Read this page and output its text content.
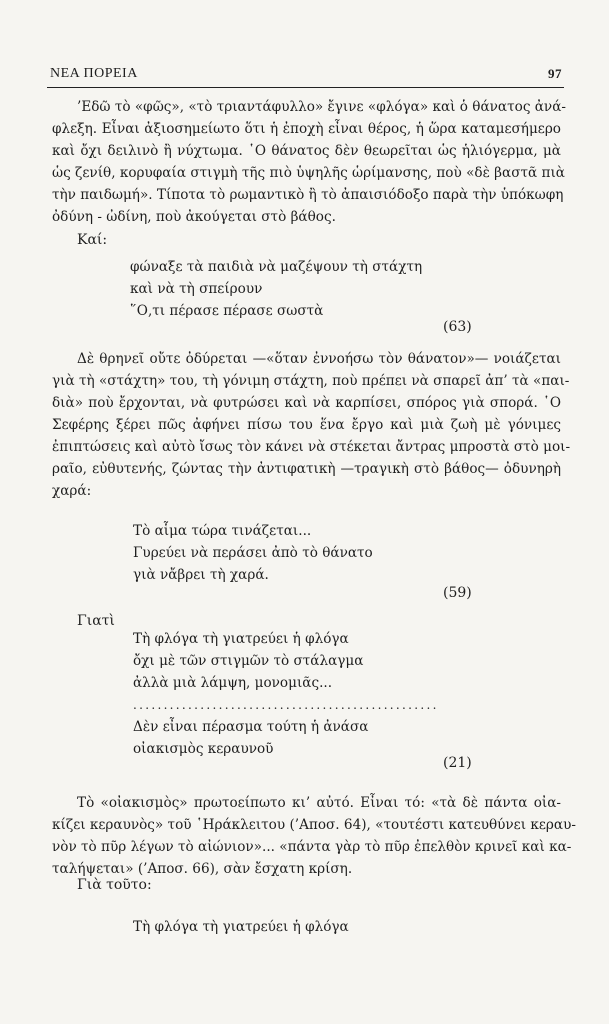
ΝΕΑ ΠΟΡΕΙΑ	97
’Εδῶ τὸ «φῶς», «τὸ τριαντάφυλλο» ἔγινε «φλόγα» καὶ ὁ θάνατος ἀνά-
φλεξη. Εἶναι ἀξιοσημείωτο ὅτι ἡ ἐποχὴ εἶναι θέρος, ἡ ὥρα καταμεσήμερο
καὶ ὄχι δειλινὸ ἢ νύχτωμα. ῾Ο θάνατος δὲν θεωρεῖται ὡς ἡλιόγερμα, μὰ
ὡς ζενίθ, κορυφαία στιγμὴ τῆς πιὸ ὑψηλῆς ὡρίμανσης, ποὺ «δὲ βαστᾶ πιὰ
τὴν παιδωμή». Τίποτα τὸ ρωμαντικὸ ἢ τὸ ἀπαισιόδοξο παρὰ τὴν ὑπόκωφη
ὀδύνη - ὠδίνη, ποὺ ἀκούγεται στὸ βάθος.
Καί:
φώναξε τὰ παιδιὰ νὰ μαζέψουν τὴ στάχτη
καὶ νὰ τὴ σπείρουν
῞Ο,τι πέρασε πέρασε σωστὰ
(63)
Δὲ θρηνεῖ οὔτε ὀδύρεται —«ὅταν ἐννοήσω τὸν θάνατον»— νοιάζεται
γιὰ τὴ «στάχτη» του, τὴ γόνιμη στάχτη, ποὺ πρέπει νὰ σπαρεῖ ἀπ’ τὰ «παι-
διὰ» ποὺ ἔρχονται, νὰ φυτρώσει καὶ νὰ καρπίσει, σπόρος γιὰ σπορά. ῾Ο
Σεφέρης ξέρει πῶς ἀφήνει πίσω του ἕνα ἔργο καὶ μιὰ ζωὴ μὲ γόνιμες
ἐπιπτώσεις καὶ αὐτὸ ἴσως τὸν κάνει νὰ στέκεται ἄντρας μπροστὰ στὸ μοι-
ραῖο, εὐθυτενής, ζώντας τὴν ἀντιφατικὴ —τραγικὴ στὸ βάθος— ὀδυνηρὴ
χαρά:
Τὸ αἷμα τώρα τινάζεται...
Γυρεύει νὰ περάσει ἀπὸ τὸ θάνατο
γιὰ νἄβρει τὴ χαρά.
(59)
Γιατὶ
Τὴ φλόγα τὴ γιατρεύει ἡ φλόγα
ὄχι μὲ τῶν στιγμῶν τὸ στάλαγμα
ἀλλὰ μιὰ λάμψη, μονομιᾶς...
..................................................
Δὲν εἶναι πέρασμα τούτη ἡ ἀνάσα
οἰακισμὸς κεραυνοῦ
(21)
Τὸ «οἰακισμὸς» πρωτοείπωτο κι’ αὐτό. Εἶναι τό: «τὰ δὲ πάντα οἰα-
κίζει κεραυνὸς» τοῦ ῾Ηράκλειτου (’Αποσ. 64), «τουτέστι κατευθύνει κεραυ-
νὸν τὸ πῦρ λέγων τὸ αἰώνιον»... «πάντα γὰρ τὸ πῦρ ἐπελθὸν κρινεῖ καὶ κα-
ταλήψεται» (’Αποσ. 66), σὰν ἔσχατη κρίση.
Γιὰ τοῦτο:
Τὴ φλόγα τὴ γιατρεύει ἡ φλόγα
